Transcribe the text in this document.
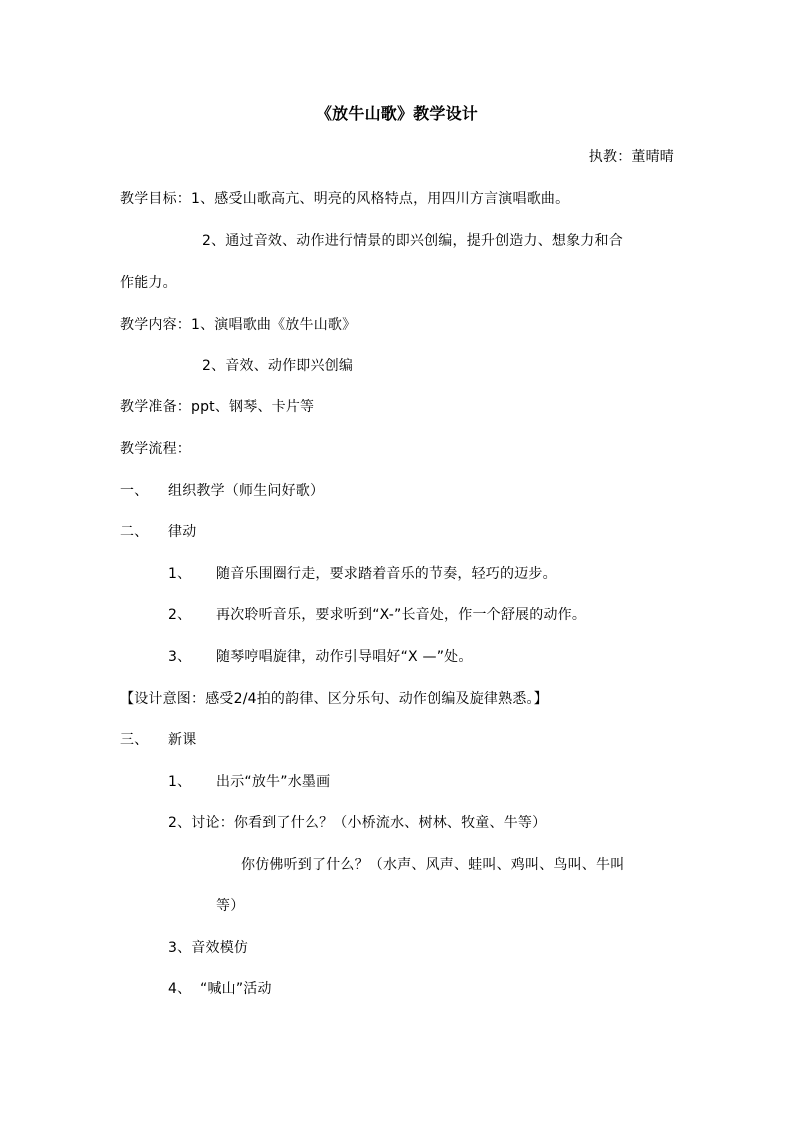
《放牛山歌》教学设计
执教：董晴晴
教学目标：1、感受山歌高亢、明亮的风格特点，用四川方言演唱歌曲。
2、通过音效、动作进行情景的即兴创编，提升创造力、想象力和合
作能力。
教学内容：1、演唱歌曲《放牛山歌》
2、音效、动作即兴创编
教学准备：ppt、钢琴、卡片等
教学流程：
一、 组织教学（师生问好歌）
二、 律动
1、 随音乐围圈行走，要求踏着音乐的节奏，轻巧的迈步。
2、 再次聆听音乐，要求听到“X-”长音处，作一个舒展的动作。
3、 随琴哼唱旋律，动作引导唱好“X —”处。
【设计意图：感受2/4拍的韵律、区分乐句、动作创编及旋律熟悉。】
三、 新课
1、 出示“放牛”水墨画
2、讨论：你看到了什么？（小桥流水、树林、牧童、牛等）
你仿佛听到了什么？（水声、风声、蛙叫、鸡叫、鸟叫、牛叫
等）
3、音效模仿
4、 “喊山”活动
